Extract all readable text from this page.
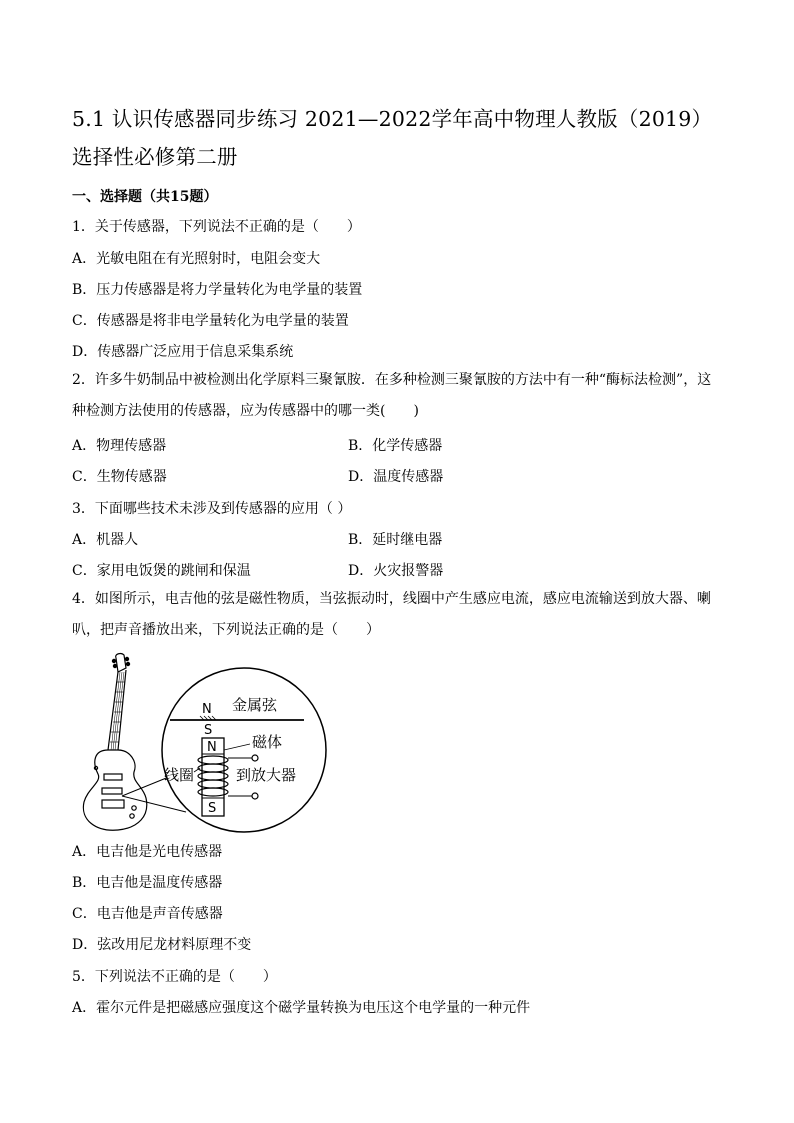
5.1 认识传感器同步练习 2021—2022学年高中物理人教版（2019）选择性必修第二册
一、选择题（共15题）
1．关于传感器，下列说法不正确的是（　　）
A．光敏电阻在有光照射时，电阻会变大
B．压力传感器是将力学量转化为电学量的装置
C．传感器是将非电学量转化为电学量的装置
D．传感器广泛应用于信息采集系统
2．许多牛奶制品中被检测出化学原料三聚氰胺．在多种检测三聚氰胺的方法中有一种“酶标法检测”，这种检测方法使用的传感器，应为传感器中的哪一类(　　)
A．物理传感器	B．化学传感器
C．生物传感器	D．温度传感器
3．下面哪些技术未涉及到传感器的应用（ ）
A．机器人	B．延时继电器
C．家用电饭煲的跳闸和保温	D．火灾报警器
4．如图所示，电吉他的弦是磁性物质，当弦振动时，线圈中产生感应电流，感应电流输送到放大器、喇叭，把声音播放出来，下列说法正确的是（　　）
N
S
金属弦
N
S
磁体
到放大器
线圈
A．电吉他是光电传感器
B．电吉他是温度传感器
C．电吉他是声音传感器
D．弦改用尼龙材料原理不变
5．下列说法不正确的是（　　）
A．霍尔元件是把磁感应强度这个磁学量转换为电压这个电学量的一种元件
